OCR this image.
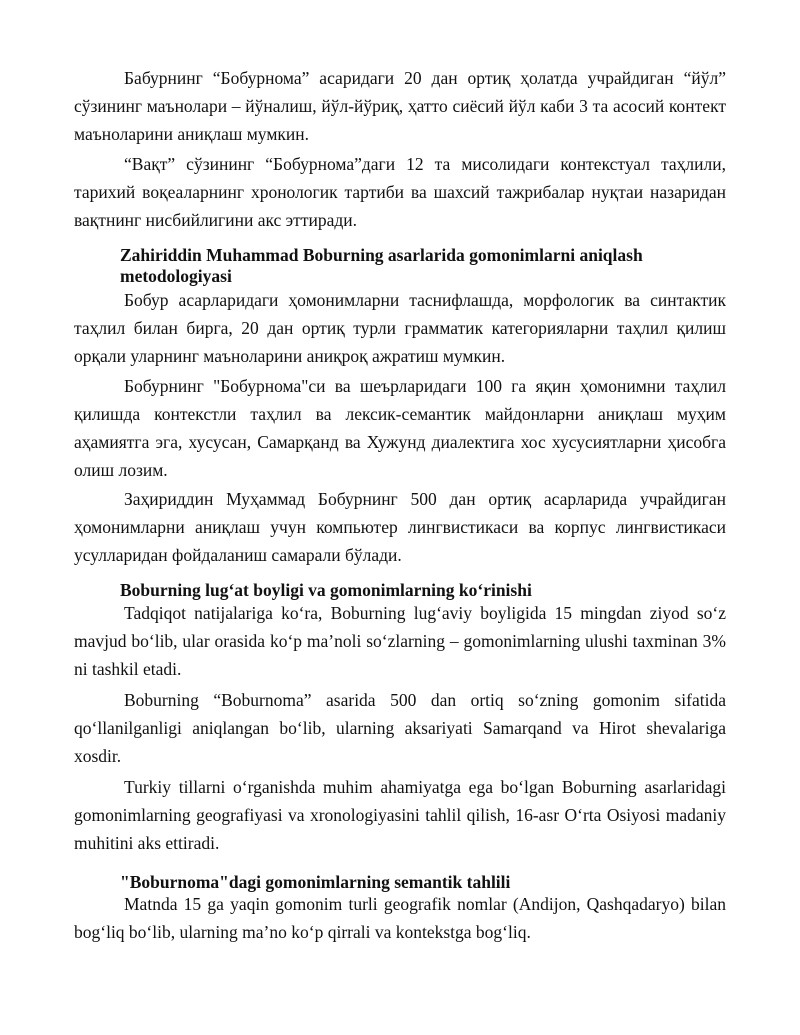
Бабурнинг “Бобурнома” асаридаги 20 дан ортиқ ҳолатда учрайдиган “йўл” сўзининг маънолари – йўналиш, йўл-йўриқ, ҳатто сиёсий йўл каби 3 та асосий контект маъноларини аниқлаш мумкин.

“Вақт” сўзининг “Бобурнома”даги 12 та мисолидаги контекстуал таҳлили, тарихий воқеаларнинг хронологик тартиби ва шахсий тажрибалар нуқтаи назаридан вақтнинг нисбийлигини акс эттиради.

Zahiriddin Muhammad Boburning asarlarida gomonimlarni aniqlash metodologiyasi

Бобур асарларидаги ҳомонимларни таснифлашда, морфологик ва синтактик таҳлил билан бирга, 20 дан ортиқ турли грамматик категорияларни таҳлил қилиш орқали уларнинг маъноларини аниқроқ ажратиш мумкин.

Бобурнинг "Бобурнома"си ва шеърларидаги 100 га яқин ҳомонимни таҳлил қилишда контекстли таҳлил ва лексик-семантик майдонларни аниқлаш муҳим аҳамиятга эга, хусусан, Самарқанд ва Хужунд диалектига хос хусусиятларни ҳисобга олиш лозим.

Заҳириддин Муҳаммад Бобурнинг 500 дан ортиқ асарларида учрайдиган ҳомонимларни аниқлаш учун компьютер лингвистикаси ва корпус лингвистикаси усулларидан фойдаланиш самарали бўлади.

Boburning lug‘at boyligi va gomonimlarning ko‘rinishi

Tadqiqot natijalariga ko‘ra, Boburning lug‘aviy boyligida 15 mingdan ziyod so‘z mavjud bo‘lib, ular orasida ko‘p ma’noli so‘zlarning – gomonimlarning ulushi taxminan 3% ni tashkil etadi.

Boburning “Boburnoma” asarida 500 dan ortiq so‘zning gomonim sifatida qo‘llanilganligi aniqlangan bo‘lib, ularning aksariyati Samarqand va Hirot shevalariga xosdir.

Turkiy tillarni o‘rganishda muhim ahamiyatga ega bo‘lgan Boburning asarlaridagi gomonimlarning geografiyasi va xronologiyasini tahlil qilish, 16-asr O‘rta Osiyosi madaniy muhitini aks ettiradi.

"Boburnoma"dagi gomonimlarning semantik tahlili

Matnda 15 ga yaqin gomonim turli geografik nomlar (Andijon, Qashqadaryo) bilan bog‘liq bo‘lib, ularning ma’no ko‘p qirrali va kontekstga bog‘liq.
